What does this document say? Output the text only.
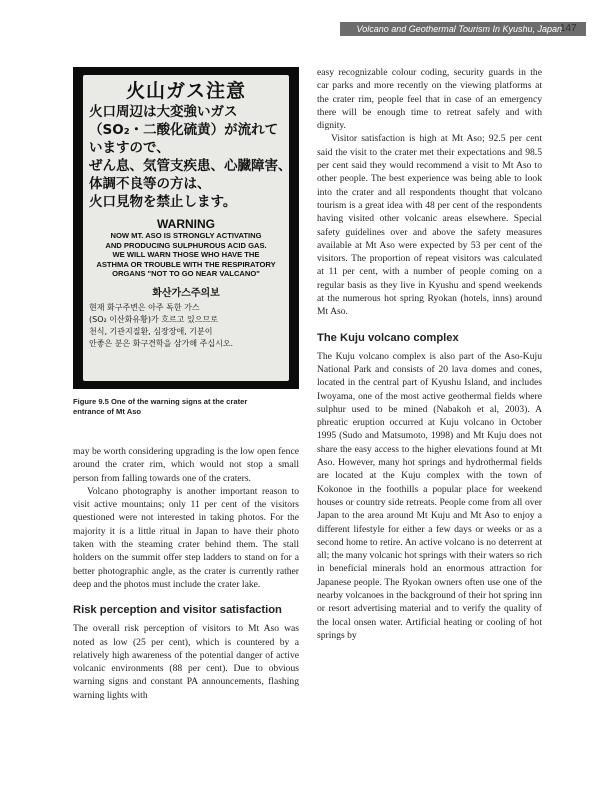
Volcano and Geothermal Tourism In Kyushu, Japan
147
火山ガス注意
火口周辺は大変強いガス
（SO₂・二酸化硫黄）が流れて
いますので、
ぜん息、気管支疾患、心臓障害、
体調不良等の方は、
火口見物を禁止します。
WARNING
NOW MT. ASO IS STRONGLY ACTIVATING
AND PRODUCING SULPHUROUS ACID GAS.
WE WILL WARN THOSE WHO HAVE THE
ASTHMA OR TROUBLE WITH THE RESPIRATORY
ORGANS "NOT TO GO NEAR VALCANO"
화산가스주의보
현재 화구주변은 아주 독한 가스
(SO₂ 이산화유황)가 흐르고 있으므로
천식, 기관지질환, 심장장애, 기분이
안좋은 분은 화구견학을 삼가해 주십시오.
Figure 9.5 One of the warning signs at the crater entrance of Mt Aso

may be worth considering upgrading is the low open fence around the crater rim, which would not stop a small person from falling towards one of the craters.

Volcano photography is another important reason to visit active mountains; only 11 per cent of the visitors questioned were not interested in taking photos. For the majority it is a little ritual in Japan to have their photo taken with the steaming crater behind them. The stall holders on the summit offer step ladders to stand on for a better photographic angle, as the crater is currently rather deep and the photos must include the crater lake.

Risk perception and visitor satisfaction

The overall risk perception of visitors to Mt Aso was noted as low (25 per cent), which is countered by a relatively high awareness of the potential danger of active volcanic environments (88 per cent). Due to obvious warning signs and constant PA announcements, flashing warning lights with

easy recognizable colour coding, security guards in the car parks and more recently on the viewing platforms at the crater rim, people feel that in case of an emergency there will be enough time to retreat safely and with dignity.

Visitor satisfaction is high at Mt Aso; 92.5 per cent said the visit to the crater met their expectations and 98.5 per cent said they would recommend a visit to Mt Aso to other people. The best experience was being able to look into the crater and all respondents thought that volcano tourism is a great idea with 48 per cent of the respondents having visited other volcanic areas elsewhere. Special safety guidelines over and above the safety measures available at Mt Aso were expected by 53 per cent of the visitors. The proportion of repeat visitors was calculated at 11 per cent, with a number of people coming on a regular basis as they live in Kyushu and spend weekends at the numerous hot spring Ryokan (hotels, inns) around Mt Aso.

The Kuju volcano complex

The Kuju volcano complex is also part of the Aso-Kuju National Park and consists of 20 lava domes and cones, located in the central part of Kyushu Island, and includes Iwoyama, one of the most active geothermal fields where sulphur used to be mined (Nabakoh et al, 2003). A phreatic eruption occurred at Kuju volcano in October 1995 (Sudo and Matsumoto, 1998) and Mt Kuju does not share the easy access to the higher elevations found at Mt Aso. However, many hot springs and hydrothermal fields are located at the Kuju complex with the town of Kokonoe in the foothills a popular place for weekend houses or country side retreats. People come from all over Japan to the area around Mt Kuju and Mt Aso to enjoy a different lifestyle for either a few days or weeks or as a second home to retire. An active volcano is no deterrent at all; the many volcanic hot springs with their waters so rich in beneficial minerals hold an enormous attraction for Japanese people. The Ryokan owners often use one of the nearby volcanoes in the background of their hot spring inn or resort advertising material and to verify the quality of the local onsen water. Artificial heating or cooling of hot springs by
